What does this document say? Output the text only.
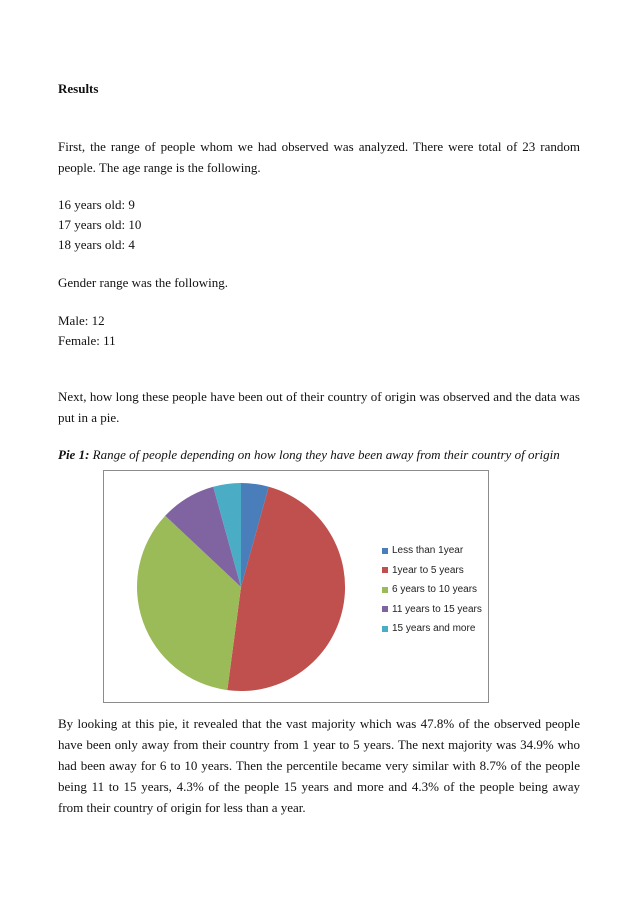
Results

First, the range of people whom we had observed was analyzed. There were total of 23 random people. The age range is the following.

16 years old: 9

17 years old: 10

18 years old: 4

Gender range was the following.

Male: 12

Female: 11

Next, how long these people have been out of their country of origin was observed and the data was put in a pie.

Pie 1: Range of people depending on how long they have been away from their country of origin

Less than 1year
1year to 5 years
6 years to 10 years
11 years to 15 years
15 years and more

By looking at this pie, it revealed that the vast majority which was 47.8% of the observed people have been only away from their country from 1 year to 5 years. The next majority was 34.9% who had been away for 6 to 10 years. Then the percentile became very similar with 8.7% of the people being 11 to 15 years, 4.3% of the people 15 years and more and 4.3% of the people being away from their country of origin for less than a year.
